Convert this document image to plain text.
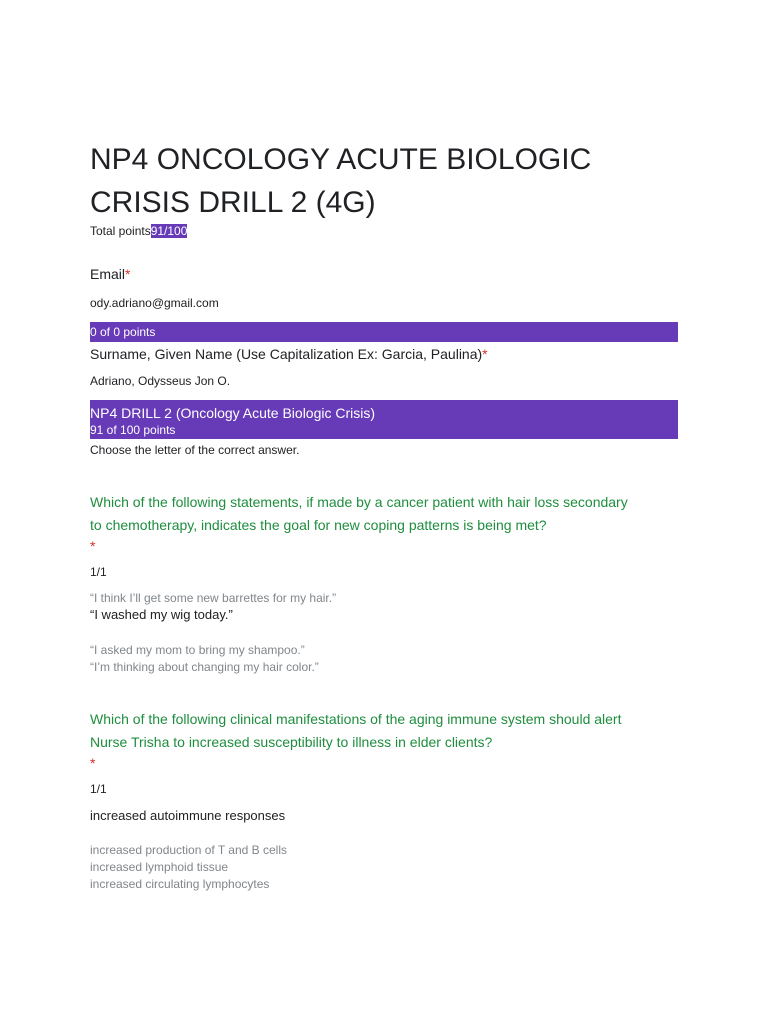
NP4 ONCOLOGY ACUTE BIOLOGIC
CRISIS DRILL 2 (4G)
Total points91/100
Email*
ody.adriano@gmail.com
0 of 0 points
Surname, Given Name (Use Capitalization Ex: Garcia, Paulina)*
Adriano, Odysseus Jon O.
NP4 DRILL 2 (Oncology Acute Biologic Crisis)
91 of 100 points
Choose the letter of the correct answer.
Which of the following statements, if made by a cancer patient with hair loss secondary
to chemotherapy, indicates the goal for new coping patterns is being met?
*
1/1
“I think I’ll get some new barrettes for my hair.”
“I washed my wig today.”
“I asked my mom to bring my shampoo.”
“I’m thinking about changing my hair color.”
Which of the following clinical manifestations of the aging immune system should alert
Nurse Trisha to increased susceptibility to illness in elder clients?
*
1/1
increased autoimmune responses
increased production of T and B cells
increased lymphoid tissue
increased circulating lymphocytes
